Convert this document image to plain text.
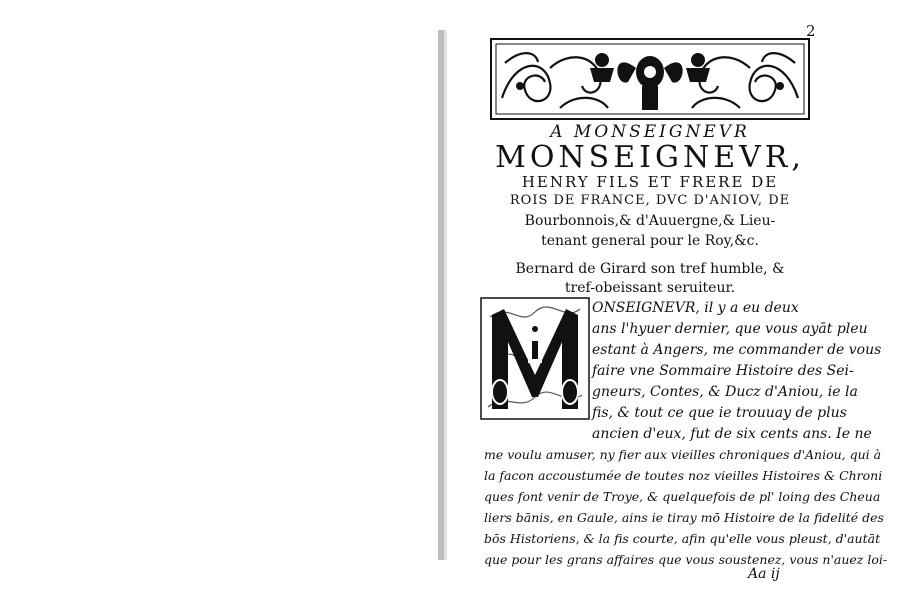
2
A MONSEIGNEVR
MONSEIGNEVR,
HENRY FILS ET FRERE DE
ROIS DE FRANCE, DVC D'ANIOV, DE
Bourbonnois,& d'Auuergne,& Lieu-
tenant general pour le Roy,&c.
Bernard de Girard son tref humble, &
tref-obeissant seruiteur.
ONSEIGNEVR, il y a eu deux
ans l'hyuer dernier, que vous ayāt pleu
estant à Angers, me commander de vous
faire vne Sommaire Histoire des Sei-
gneurs, Contes, & Ducz d'Aniou, ie la
fis, & tout ce que ie trouuay de plus
ancien d'eux, fut de six cents ans. Ie ne
me voulu amuser, ny fier aux vieilles chroniques d'Aniou, qui à
la facon accoustumée de toutes noz vieilles Histoires & Chroni
ques font venir de Troye, & quelquefois de pl' loing des Cheua
liers bānis, en Gaule, ains ie tiray mō Histoire de la fidelité des
bōs Historiens, & la fis courte, afin qu'elle vous pleust, d'autāt
que pour les grans affaires que vous soustenez, vous n'auez loi-
Aa ij
